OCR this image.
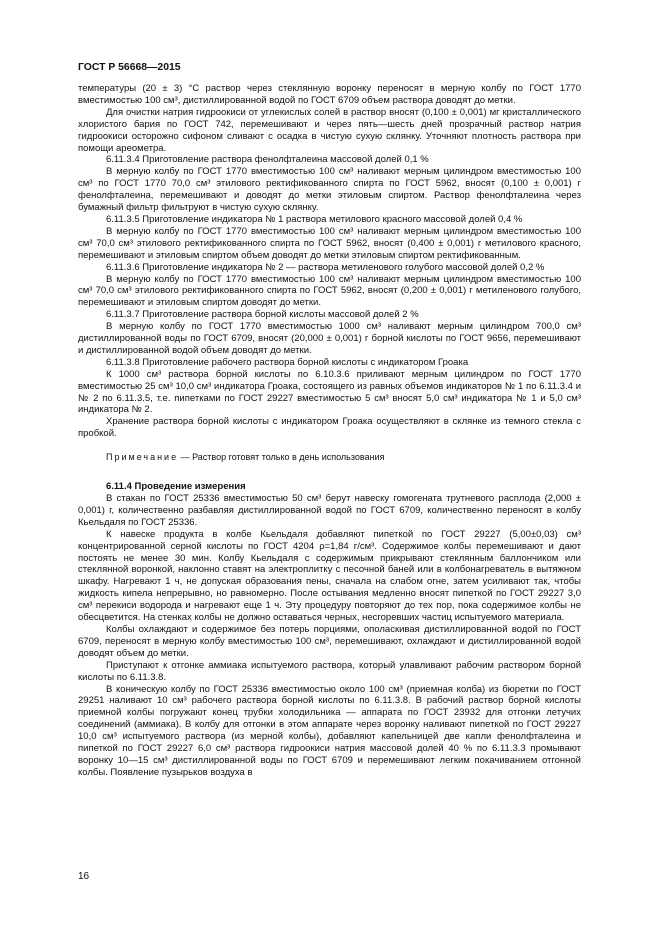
ГОСТ Р 56668—2015

температуры (20 ± 3) °С раствор через стеклянную воронку переносят в мерную колбу по ГОСТ 1770 вместимостью 100 см³, дистиллированной водой по ГОСТ 6709 объем раствора доводят до метки.

Для очистки натрия гидроокиси от углекислых солей в раствор вносят (0,100 ± 0,001) мг кристаллического хлористого бария по ГОСТ 742, перемешивают и через пять—шесть дней прозрачный раствор натрия гидроокиси осторожно сифоном сливают с осадка в чистую сухую склянку. Уточняют плотность раствора при помощи ареометра.

6.11.3.4 Приготовление раствора фенолфталеина массовой долей 0,1 %

В мерную колбу по ГОСТ 1770 вместимостью 100 см³ наливают мерным цилиндром вместимостью 100 см³ по ГОСТ 1770 70,0 см³ этилового ректификованного спирта по ГОСТ 5962, вносят (0,100 ± 0,001) г фенолфталеина, перемешивают и доводят до метки этиловым спиртом. Раствор фенолфталеина через бумажный фильтр фильтруют в чистую сухую склянку.

6.11.3.5 Приготовление индикатора № 1 раствора метилового красного массовой долей 0,4 %

В мерную колбу по ГОСТ 1770 вместимостью 100 см³ наливают мерным цилиндром вместимостью 100 см³ 70,0 см³ этилового ректификованного спирта по ГОСТ 5962, вносят (0,400 ± 0,001) г метилового красного, перемешивают и этиловым спиртом объем доводят до метки этиловым спиртом ректификованным.

6.11.3.6 Приготовление индикатора № 2 — раствора метиленового голубого массовой долей 0,2 %

В мерную колбу по ГОСТ 1770 вместимостью 100 см³ наливают мерным цилиндром вместимостью 100 см³ 70,0 см³ этилового ректификованного спирта по ГОСТ 5962, вносят (0,200 ± 0,001) г метиленового голубого, перемешивают и этиловым спиртом доводят до метки.

6.11.3.7 Приготовление раствора борной кислоты массовой долей 2 %

В мерную колбу по ГОСТ 1770 вместимостью 1000 см³ наливают мерным цилиндром 700,0 см³ дистиллированной воды по ГОСТ 6709, вносят (20,000 ± 0,001) г борной кислоты по ГОСТ 9656, перемешивают и дистиллированной водой объем доводят до метки.

6.11.3.8 Приготовление рабочего раствора борной кислоты с индикатором Гроака

К 1000 см³ раствора борной кислоты по 6.10.3.6 приливают мерным цилиндром по ГОСТ 1770 вместимостью 25 см³ 10,0 см³ индикатора Гроака, состоящего из равных объемов индикаторов № 1 по 6.11.3.4 и № 2 по 6.11.3.5, т.е. пипетками по ГОСТ 29227 вместимостью 5 см³ вносят 5,0 см³ индикатора № 1 и 5,0 см³ индикатора № 2.

Хранение раствора борной кислоты с индикатором Гроака осуществляют в склянке из темного стекла с пробкой.

Примечание — Раствор готовят только в день использования

6.11.4 Проведение измерения

В стакан по ГОСТ 25336 вместимостью 50 см³ берут навеску гомогената трутневого расплода (2,000 ± 0,001) г, количественно разбавляя дистиллированной водой по ГОСТ 6709, количественно переносят в колбу Кьельдаля по ГОСТ 25336.

К навеске продукта в колбе Кьельдаля добавляют пипеткой по ГОСТ 29227 (5,00±0,03) см³ концентрированной серной кислоты по ГОСТ 4204 ρ=1,84 г/см³. Содержимое колбы перемешивают и дают постоять не менее 30 мин. Колбу Кьельдаля с содержимым прикрывают стеклянным баллончиком или стеклянной воронкой, наклонно ставят на электроплитку с песочной баней или в колбонагреватель в вытяжном шкафу. Нагревают 1 ч, не допуская образования пены, сначала на слабом огне, затем усиливают так, чтобы жидкость кипела непрерывно, но равномерно. После остывания медленно вносят пипеткой по ГОСТ 29227 3,0 см³ перекиси водорода и нагревают еще 1 ч. Эту процедуру повторяют до тех пор, пока содержимое колбы не обесцветится. На стенках колбы не должно оставаться черных, несгоревших частиц испытуемого материала.

Колбы охлаждают и содержимое без потерь порциями, ополаскивая дистиллированной водой по ГОСТ 6709, переносят в мерную колбу вместимостью 100 см³, перемешивают, охлаждают и дистиллированной водой доводят объем до метки.

Приступают к отгонке аммиака испытуемого раствора, который улавливают рабочим раствором борной кислоты по 6.11.3.8.

В коническую колбу по ГОСТ 25336 вместимостью около 100 см³ (приемная колба) из бюретки по ГОСТ 29251 наливают 10 см³ рабочего раствора борной кислоты по 6.11.3.8. В рабочий раствор борной кислоты приемной колбы погружают конец трубки холодильника — аппарата по ГОСТ 23932 для отгонки летучих соединений (аммиака). В колбу для отгонки в этом аппарате через воронку наливают пипеткой по ГОСТ 29227 10,0 см³ испытуемого раствора (из мерной колбы), добавляют капельницей две капли фенолфталеина и пипеткой по ГОСТ 29227 6,0 см³ раствора гидроокиси натрия массовой долей 40 % по 6.11.3.3 промывают воронку 10—15 см³ дистиллированной воды по ГОСТ 6709 и перемешивают легким покачиванием отгонной колбы. Появление пузырьков воздуха в

16
